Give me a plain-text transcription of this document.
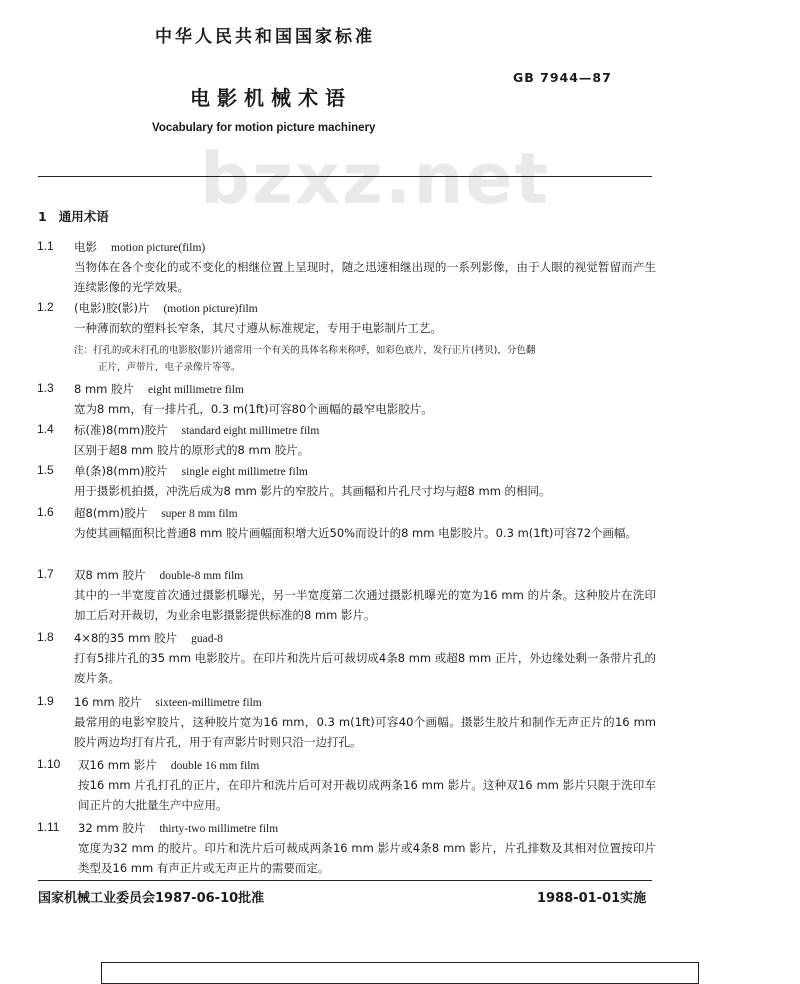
中华人民共和国国家标准
GB 7944—87
电影机械术语
Vocabulary for motion picture machinery
bzxz.net
1 通用术语
1.1 电影 motion picture(film)
当物体在各个变化的或不变化的相继位置上呈现时，随之迅速相继出现的一系列影像，由于人眼的视觉暂留而产生连续影像的光学效果。
1.2 (电影)胶(影)片 (motion picture)film
一种薄而软的塑料长窄条，其尺寸遵从标准规定，专用于电影制片工艺。
注：打孔的或未打孔的电影胶(影)片通常用一个有关的具体名称来称呼，如彩色底片，发行正片(拷贝)，分色翻
正片，声带片，电子录像片等等。
1.3 8 mm 胶片 eight millimetre film
宽为8 mm，有一排片孔，0.3 m(1ft)可容80个画幅的最窄电影胶片。
1.4 标(准)8(mm)胶片 standard eight millimetre film
区别于超8 mm 胶片的原形式的8 mm 胶片。
1.5 单(条)8(mm)胶片 single eight millimetre film
用于摄影机拍摄，冲洗后成为8 mm 影片的窄胶片。其画幅和片孔尺寸均与超8 mm 的相同。
1.6 超8(mm)胶片 super 8 mm film
为使其画幅面积比普通8 mm 胶片画幅面积增大近50%而设计的8 mm 电影胶片。0.3 m(1ft)可容72个画幅。
1.7 双8 mm 胶片 double-8 mm film
其中的一半宽度首次通过摄影机曝光，另一半宽度第二次通过摄影机曝光的宽为16 mm 的片条。这种胶片在洗印加工后对开裁切，为业余电影摄影提供标准的8 mm 影片。
1.8 4×8的35 mm 胶片 guad-8
打有5排片孔的35 mm 电影胶片。在印片和洗片后可裁切成4条8 mm 或超8 mm 正片，外边缘处剩一条带片孔的废片条。
1.9 16 mm 胶片 sixteen-millimetre film
最常用的电影窄胶片，这种胶片宽为16 mm，0.3 m(1ft)可容40个画幅。摄影生胶片和制作无声正片的16 mm 胶片两边均打有片孔，用于有声影片时则只沿一边打孔。
1.10 双16 mm 影片 double 16 mm film
按16 mm 片孔打孔的正片，在印片和洗片后可对开裁切成两条16 mm 影片。这种双16 mm 影片只限于洗印车间正片的大批量生产中应用。
1.11 32 mm 胶片 thirty-two millimetre film
宽度为32 mm 的胶片。印片和洗片后可裁成两条16 mm 影片或4条8 mm 影片，片孔排数及其相对位置按印片类型及16 mm 有声正片或无声正片的需要而定。
国家机械工业委员会1987-06-10批准	1988-01-01实施
